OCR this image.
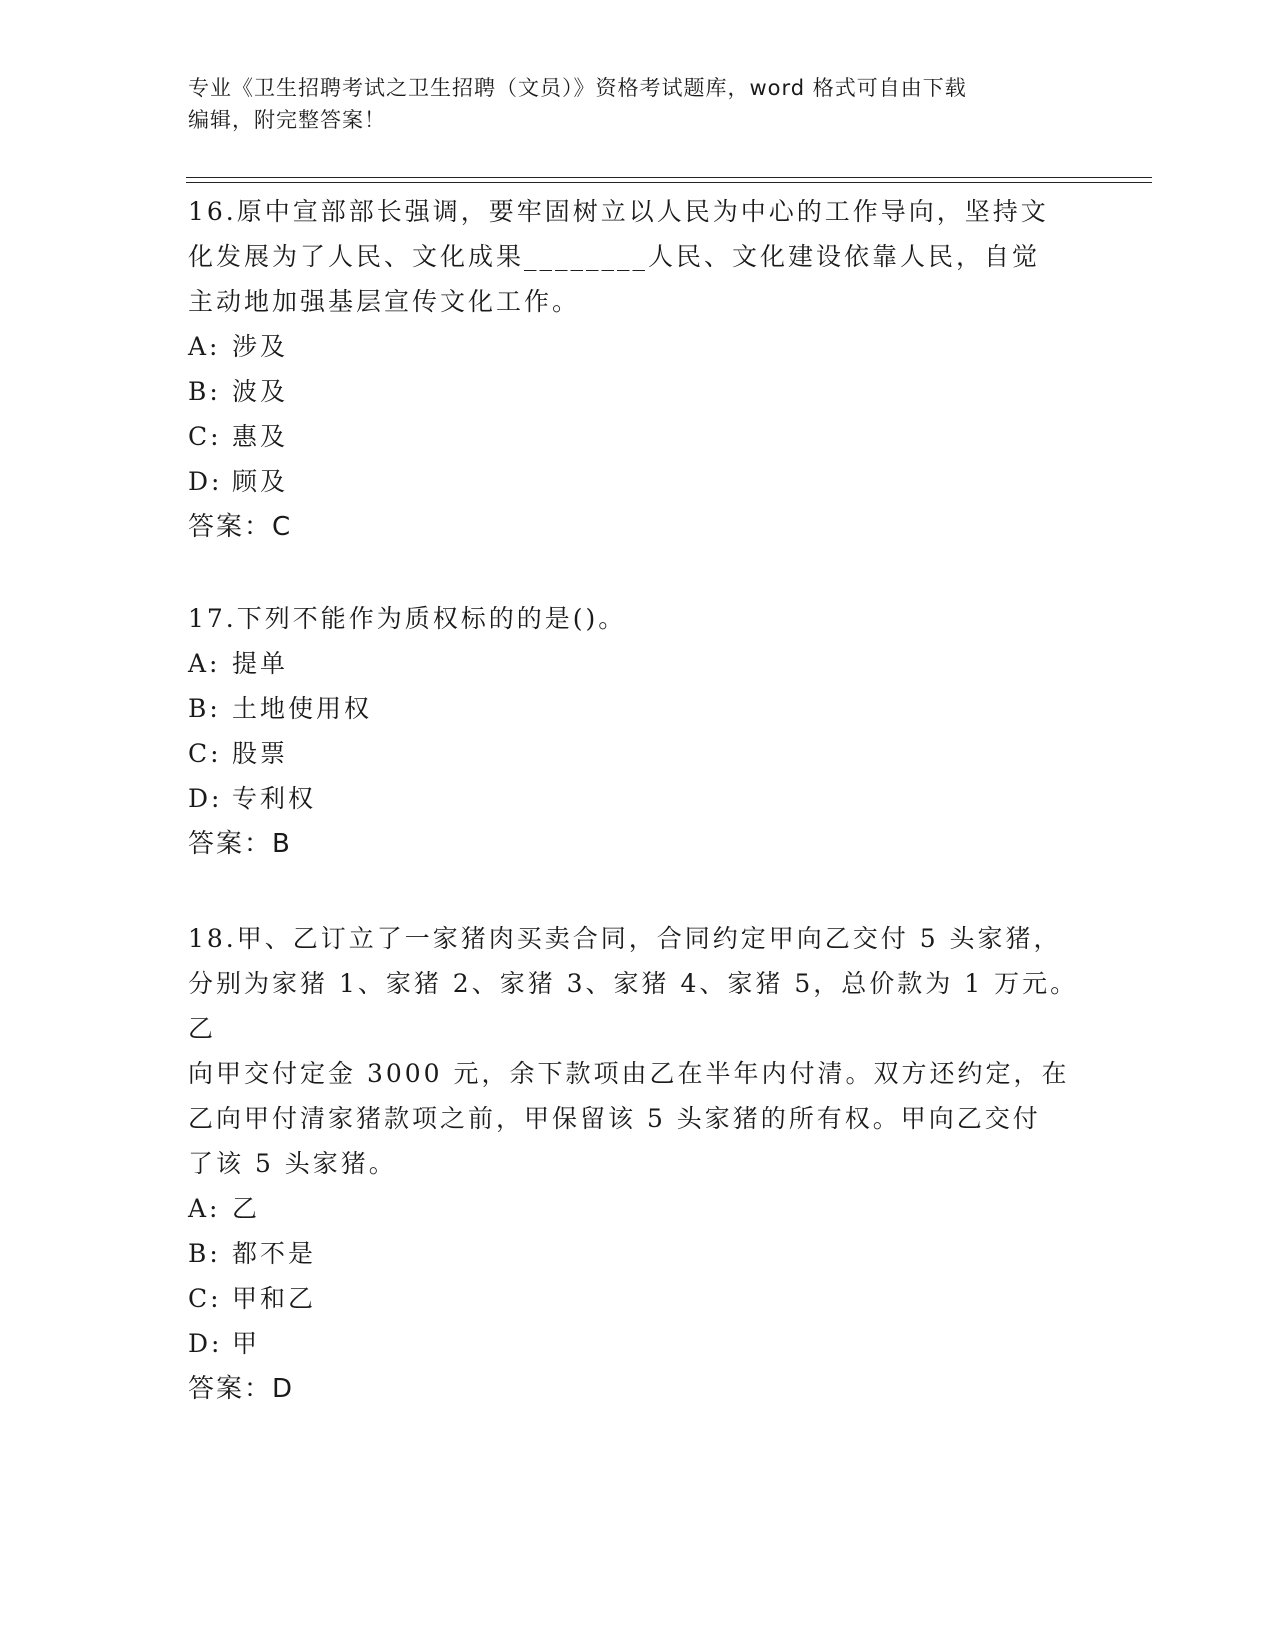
专业《卫生招聘考试之卫生招聘（文员）》资格考试题库，word 格式可自由下载
编辑，附完整答案！

16.原中宣部部长强调，要牢固树立以人民为中心的工作导向，坚持文

化发展为了人民、文化成果________人民、文化建设依靠人民，自觉

主动地加强基层宣传文化工作。

A: 涉及

B: 波及

C: 惠及

D: 顾及

答案：C

17.下列不能作为质权标的的是()。

A: 提单

B: 土地使用权

C: 股票

D: 专利权

答案：B

18.甲、乙订立了一家猪肉买卖合同，合同约定甲向乙交付 5 头家猪，

分别为家猪 1、家猪 2、家猪 3、家猪 4、家猪 5，总价款为 1 万元。乙

向甲交付定金 3000 元，余下款项由乙在半年内付清。双方还约定，在

乙向甲付清家猪款项之前，甲保留该 5 头家猪的所有权。甲向乙交付

了该 5 头家猪。

A: 乙

B: 都不是

C: 甲和乙

D: 甲

答案：D
